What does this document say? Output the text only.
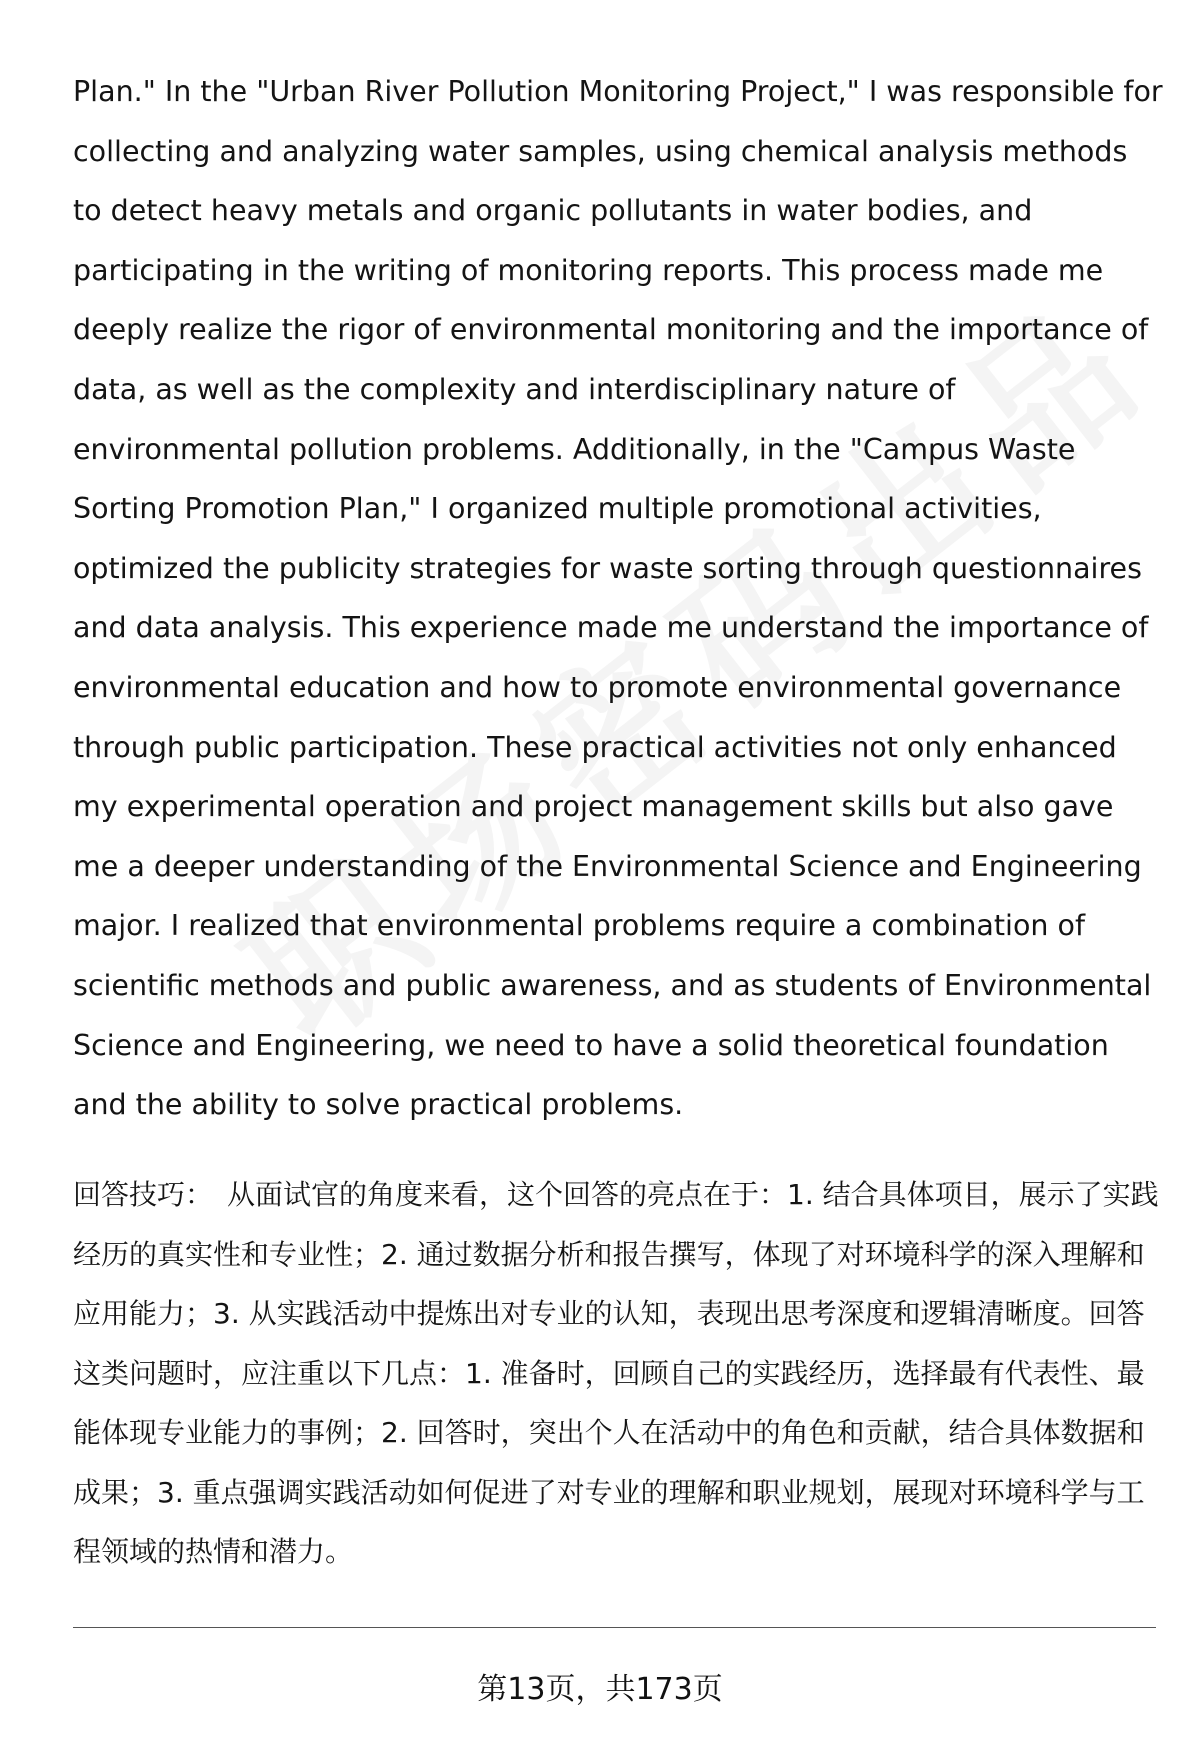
Plan." In the "Urban River Pollution Monitoring Project," I was responsible for collecting and analyzing water samples, using chemical analysis methods to detect heavy metals and organic pollutants in water bodies, and participating in the writing of monitoring reports. This process made me deeply realize the rigor of environmental monitoring and the importance of data, as well as the complexity and interdisciplinary nature of environmental pollution problems. Additionally, in the "Campus Waste Sorting Promotion Plan," I organized multiple promotional activities, optimized the publicity strategies for waste sorting through questionnaires and data analysis. This experience made me understand the importance of environmental education and how to promote environmental governance through public participation. These practical activities not only enhanced my experimental operation and project management skills but also gave me a deeper understanding of the Environmental Science and Engineering major. I realized that environmental problems require a combination of scientific methods and public awareness, and as students of Environmental Science and Engineering, we need to have a solid theoretical foundation and the ability to solve practical problems.

回答技巧： 从面试官的角度来看，这个回答的亮点在于：1. 结合具体项目，展示了实践经历的真实性和专业性；2. 通过数据分析和报告撰写，体现了对环境科学的深入理解和应用能力；3. 从实践活动中提炼出对专业的认知，表现出思考深度和逻辑清晰度。回答这类问题时，应注重以下几点：1. 准备时，回顾自己的实践经历，选择最有代表性、最能体现专业能力的事例；2. 回答时，突出个人在活动中的角色和贡献，结合具体数据和成果；3. 重点强调实践活动如何促进了对专业的理解和职业规划，展现对环境科学与工程领域的热情和潜力。

第13页，共173页
